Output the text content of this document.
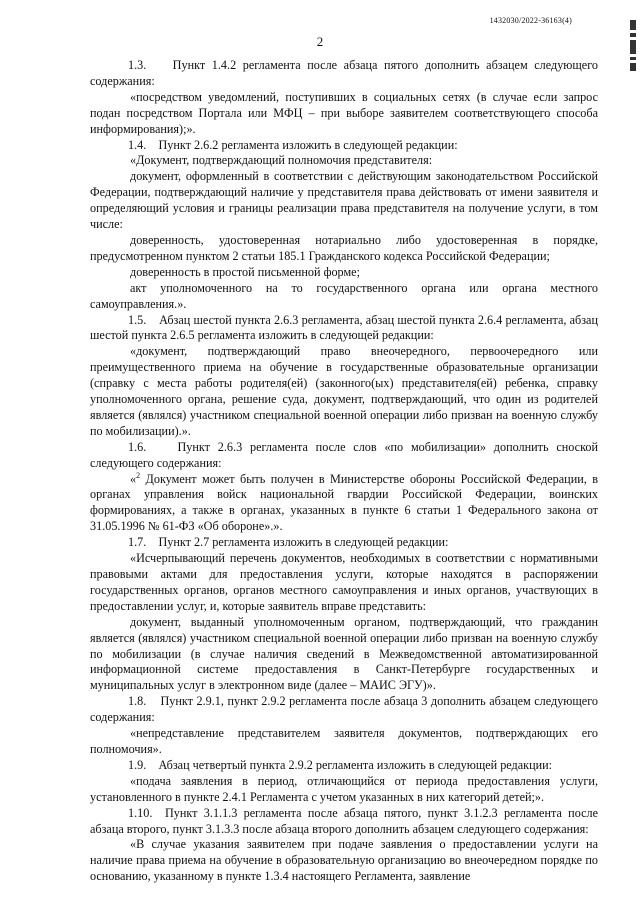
1432030/2022-36163(4)
2

1.3.    Пункт 1.4.2 регламента после абзаца пятого дополнить абзацем следующего содержания:

«посредством уведомлений, поступивших в социальных сетях (в случае если запрос подан посредством Портала или МФЦ – при выборе заявителем соответствующего способа информирования);».

1.4.    Пункт 2.6.2 регламента изложить в следующей редакции:

«Документ, подтверждающий полномочия представителя:

документ, оформленный в соответствии с действующим законодательством Российской Федерации, подтверждающий наличие у представителя права действовать от имени заявителя и определяющий условия и границы реализации права представителя на получение услуги, в том числе:

доверенность, удостоверенная нотариально либо удостоверенная в порядке, предусмотренном пунктом 2 статьи 185.1 Гражданского кодекса Российской Федерации;

доверенность в простой письменной форме;

акт уполномоченного на то государственного органа или органа местного самоуправления.».

1.5.    Абзац шестой пункта 2.6.3 регламента, абзац шестой пункта 2.6.4 регламента, абзац шестой пункта 2.6.5 регламента изложить в следующей редакции:

«документ, подтверждающий право внеочередного, первоочередного или преимущественного приема на обучение в государственные образовательные организации (справку с места работы родителя(ей) (законного(ых) представителя(ей) ребенка, справку уполномоченного органа, решение суда, документ, подтверждающий, что один из родителей является (являлся) участником специальной военной операции либо призван на военную службу по мобилизации).».

1.6.    Пункт 2.6.3 регламента после слов «по мобилизации» дополнить сноской следующего содержания:

«$^2$ Документ может быть получен в Министерстве обороны Российской Федерации, в органах управления войск национальной гвардии Российской Федерации, воинских формированиях, а также в органах, указанных в пункте 6 статьи 1 Федерального закона от 31.05.1996 № 61-ФЗ «Об обороне».».

1.7.    Пункт 2.7 регламента изложить в следующей редакции:

«Исчерпывающий перечень документов, необходимых в соответствии с нормативными правовыми актами для предоставления услуги, которые находятся в распоряжении государственных органов, органов местного самоуправления и иных органов, участвующих в предоставлении услуг, и, которые заявитель вправе представить:

документ, выданный уполномоченным органом, подтверждающий, что гражданин является (являлся) участником специальной военной операции либо призван на военную службу по мобилизации (в случае наличия сведений в Межведомственной автоматизированной информационной системе предоставления в Санкт-Петербурге государственных и муниципальных услуг в электронном виде (далее – МАИС ЭГУ)».

1.8.    Пункт 2.9.1, пункт 2.9.2 регламента после абзаца 3 дополнить абзацем следующего содержания:

«непредставление представителем заявителя документов, подтверждающих его полномочия».

1.9.    Абзац четвертый пункта 2.9.2 регламента изложить в следующей редакции:

«подача заявления в период, отличающийся от периода предоставления услуги, установленного в пункте 2.4.1 Регламента с учетом указанных в них категорий детей;».

1.10.  Пункт 3.1.1.3 регламента после абзаца пятого, пункт 3.1.2.3 регламента после абзаца второго, пункт 3.1.3.3 после абзаца второго дополнить абзацем следующего содержания:

«В случае указания заявителем при подаче заявления о предоставлении услуги на наличие права приема на обучение в образовательную организацию во внеочередном порядке по основанию, указанному в пункте 1.3.4 настоящего Регламента, заявление
